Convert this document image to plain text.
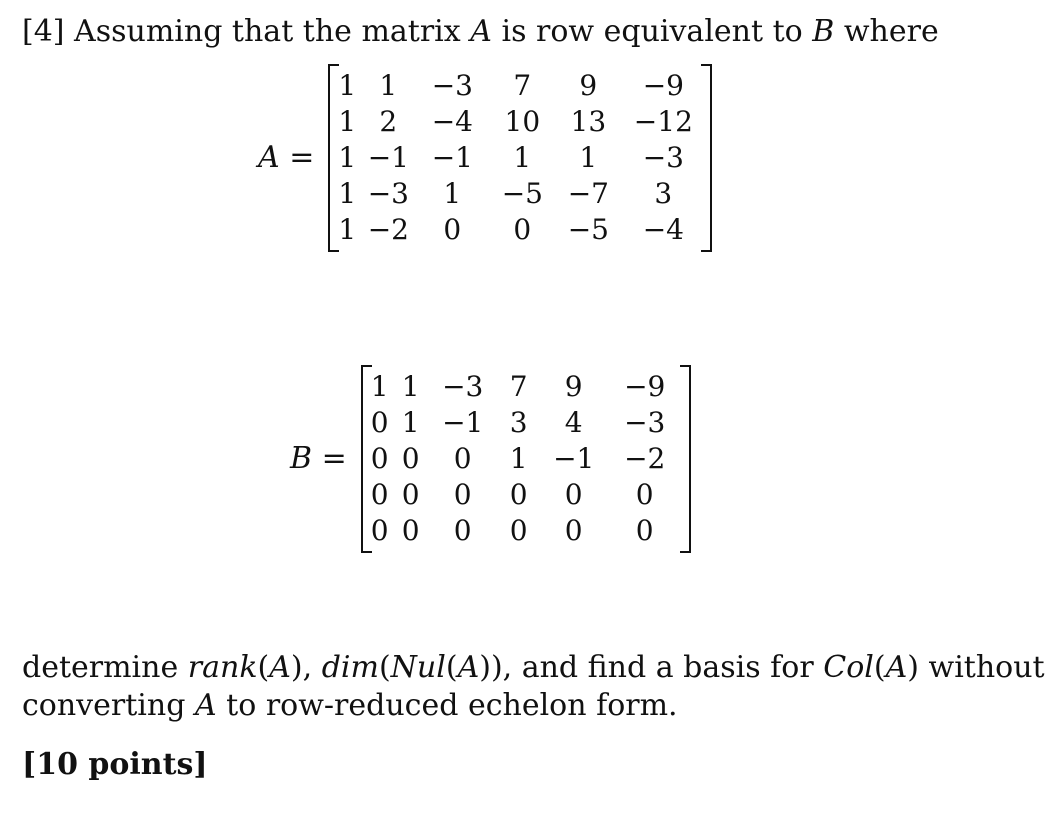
[4] Assuming that the matrix A is row equivalent to B where
A =
1	1	−3	7	9	−9
1	2	−4	10	13	−12
1	−1	−1	1	1	−3
1	−3	1	−5	−7	3
1	−2	0	0	−5	−4
B =
1	1	−3	7	9	−9
0	1	−1	3	4	−3
0	0	0	1	−1	−2
0	0	0	0	0	0
0	0	0	0	0	0
determine rank(A), dim(Nul(A)), and find a basis for Col(A) without
converting A to row-reduced echelon form.
[10 points]
